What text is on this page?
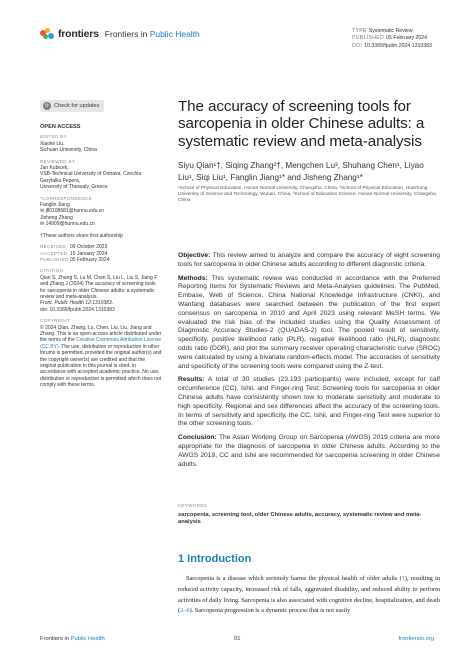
frontiers Frontiers in Public Health	TYPE Systematic Review
PUBLISHED 05 February 2024
DOI 10.3389/fpubh.2024.1310383
⟳ Check for updates
OPEN ACCESS
EDITED BY
Xiaolei Liu,
Sichuan University, China
REVIEWED BY
Jan Kubicek,
VSB-Technical University of Ostrava, Czechia
Garyfallia Pepera,
University of Thessaly, Greece
*CORRESPONDENCE
Fanglin Jiang
✉ jfl0108681@hunnu.edu.cn
Jisheng Zhang
✉ 14909@hunnu.edu.cn
†These authors share first authorship
RECEIVED 09 October 2023
ACCEPTED 15 January 2024
PUBLISHED 05 February 2024
CITATION
Qian S, Zhang S, Lu M, Chen S, Liu L, Liu S, Jiang F and Zhang J (2024) The accuracy of screening tools for sarcopenia in older Chinese adults: a systematic review and meta-analysis.
Front. Public Health 12:1310383.
doi: 10.3389/fpubh.2024.1310383
COPYRIGHT
© 2024 Qian, Zhang, Lu, Chen, Liu, Liu, Jiang and Zhang. This is an open-access article distributed under the terms of the Creative Commons Attribution License (CC BY). The use, distribution or reproduction in other forums is permitted, provided the original author(s) and the copyright owner(s) are credited and that the original publication in this journal is cited, in accordance with accepted academic practice. No use, distribution or reproduction is permitted which does not comply with these terms.
The accuracy of screening tools for sarcopenia in older Chinese adults: a systematic review and meta-analysis
Siyu Qian¹†, Siqing Zhang²†, Mengchen Lu³, Shuhang Chen¹, Liyao Liu¹, Siqi Liu¹, Fanglin Jiang¹* and Jisheng Zhang¹*
¹School of Physical Education, Hunan Normal University, Changsha, China, ²School of Physical Education, Huazhong University of Science and Technology, Wuhan, China, ³School of Education Science, Hunan Normal University, Changsha, China

Objective: This review aimed to analyze and compare the accuracy of eight screening tools for sarcopenia in older Chinese adults according to different diagnostic criteria.

Methods: This systematic review was conducted in accordance with the Preferred Reporting Items for Systematic Reviews and Meta-Analyses guidelines. The PubMed, Embase, Web of Science, China National Knowledge Infrastructure (CNKI), and Wanfang databases were searched between the publication of the first expert consensus on sarcopenia in 2010 and April 2023 using relevant MeSH terms. We evaluated the risk bias of the included studies using the Quality Assessment of Diagnostic Accuracy Studies-2 (QUADAS-2) tool. The pooled result of sensitivity, specificity, positive likelihood ratio (PLR), negative likelihood ratio (NLR), diagnostic odds ratio (DOR), and plot the summary receiver operating characteristic curve (SROC) were calculated by using a bivariate random-effects model. The accuracies of sensitivity and specificity of the screening tools were compared using the Z-test.

Results: A total of 30 studies (23,193 participants) were included, except for calf circumference (CC), Ishii, and Finger-ring Test; Screening tools for sarcopenia in older Chinese adults have consistently shown low to moderate sensitivity and moderate to high specificity. Regional and sex differences affect the accuracy of the screening tools. In terms of sensitivity and specificity, the CC, Ishii, and Finger-ring Test were superior to the other screening tools.

Conclusion: The Asian Working Group on Sarcopenia (AWGS) 2019 criteria are more appropriate for the diagnosis of sarcopenia in older Chinese adults. According to the AWGS 2019, CC and Ishii are recommended for sarcopenia screening in older Chinese adults.

KEYWORDS
sarcopenia, screening tool, older Chinese adults, accuracy, systematic review and meta-analysis
1 Introduction

Sarcopenia is a disease which seriously harms the physical health of older adults (1), resulting in reduced activity capacity, increased risk of falls, aggravated disability, and reduced ability to perform activities of daily living. Sarcopenia is also associated with cognitive decline, hospitalization, and death (2–6). Sarcopenia progression is a dynamic process that is not easily

Frontiers in Public Health	01	frontiersin.org
